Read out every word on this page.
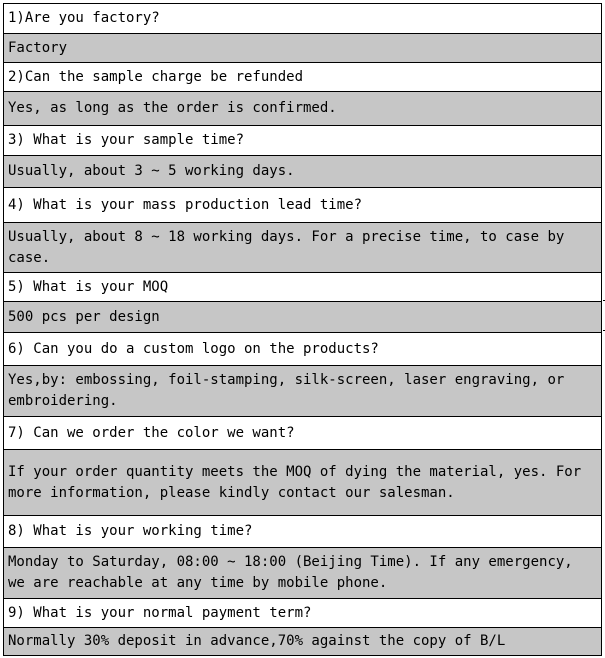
1)Are you factory?
Factory
2)Can the sample charge be refunded
Yes, as long as the order is confirmed.
3) What is your sample time?
Usually, about 3 ~ 5 working days.
4) What is your mass production lead time?
Usually, about 8 ~ 18 working days. For a precise time, to case by case.
5) What is your MOQ
500 pcs per design
6) Can you do a custom logo on the products?
Yes,by: embossing, foil-stamping, silk-screen, laser engraving, or embroidering.
7) Can we order the color we want?
If your order quantity meets the MOQ of dying the material, yes. For more information, please kindly contact our salesman.
8) What is your working time?
Monday to Saturday, 08:00 ~ 18:00 (Beijing Time). If any emergency, we are reachable at any time by mobile phone.
9) What is your normal payment term?
Normally 30% deposit in advance,70% against the copy of B/L
